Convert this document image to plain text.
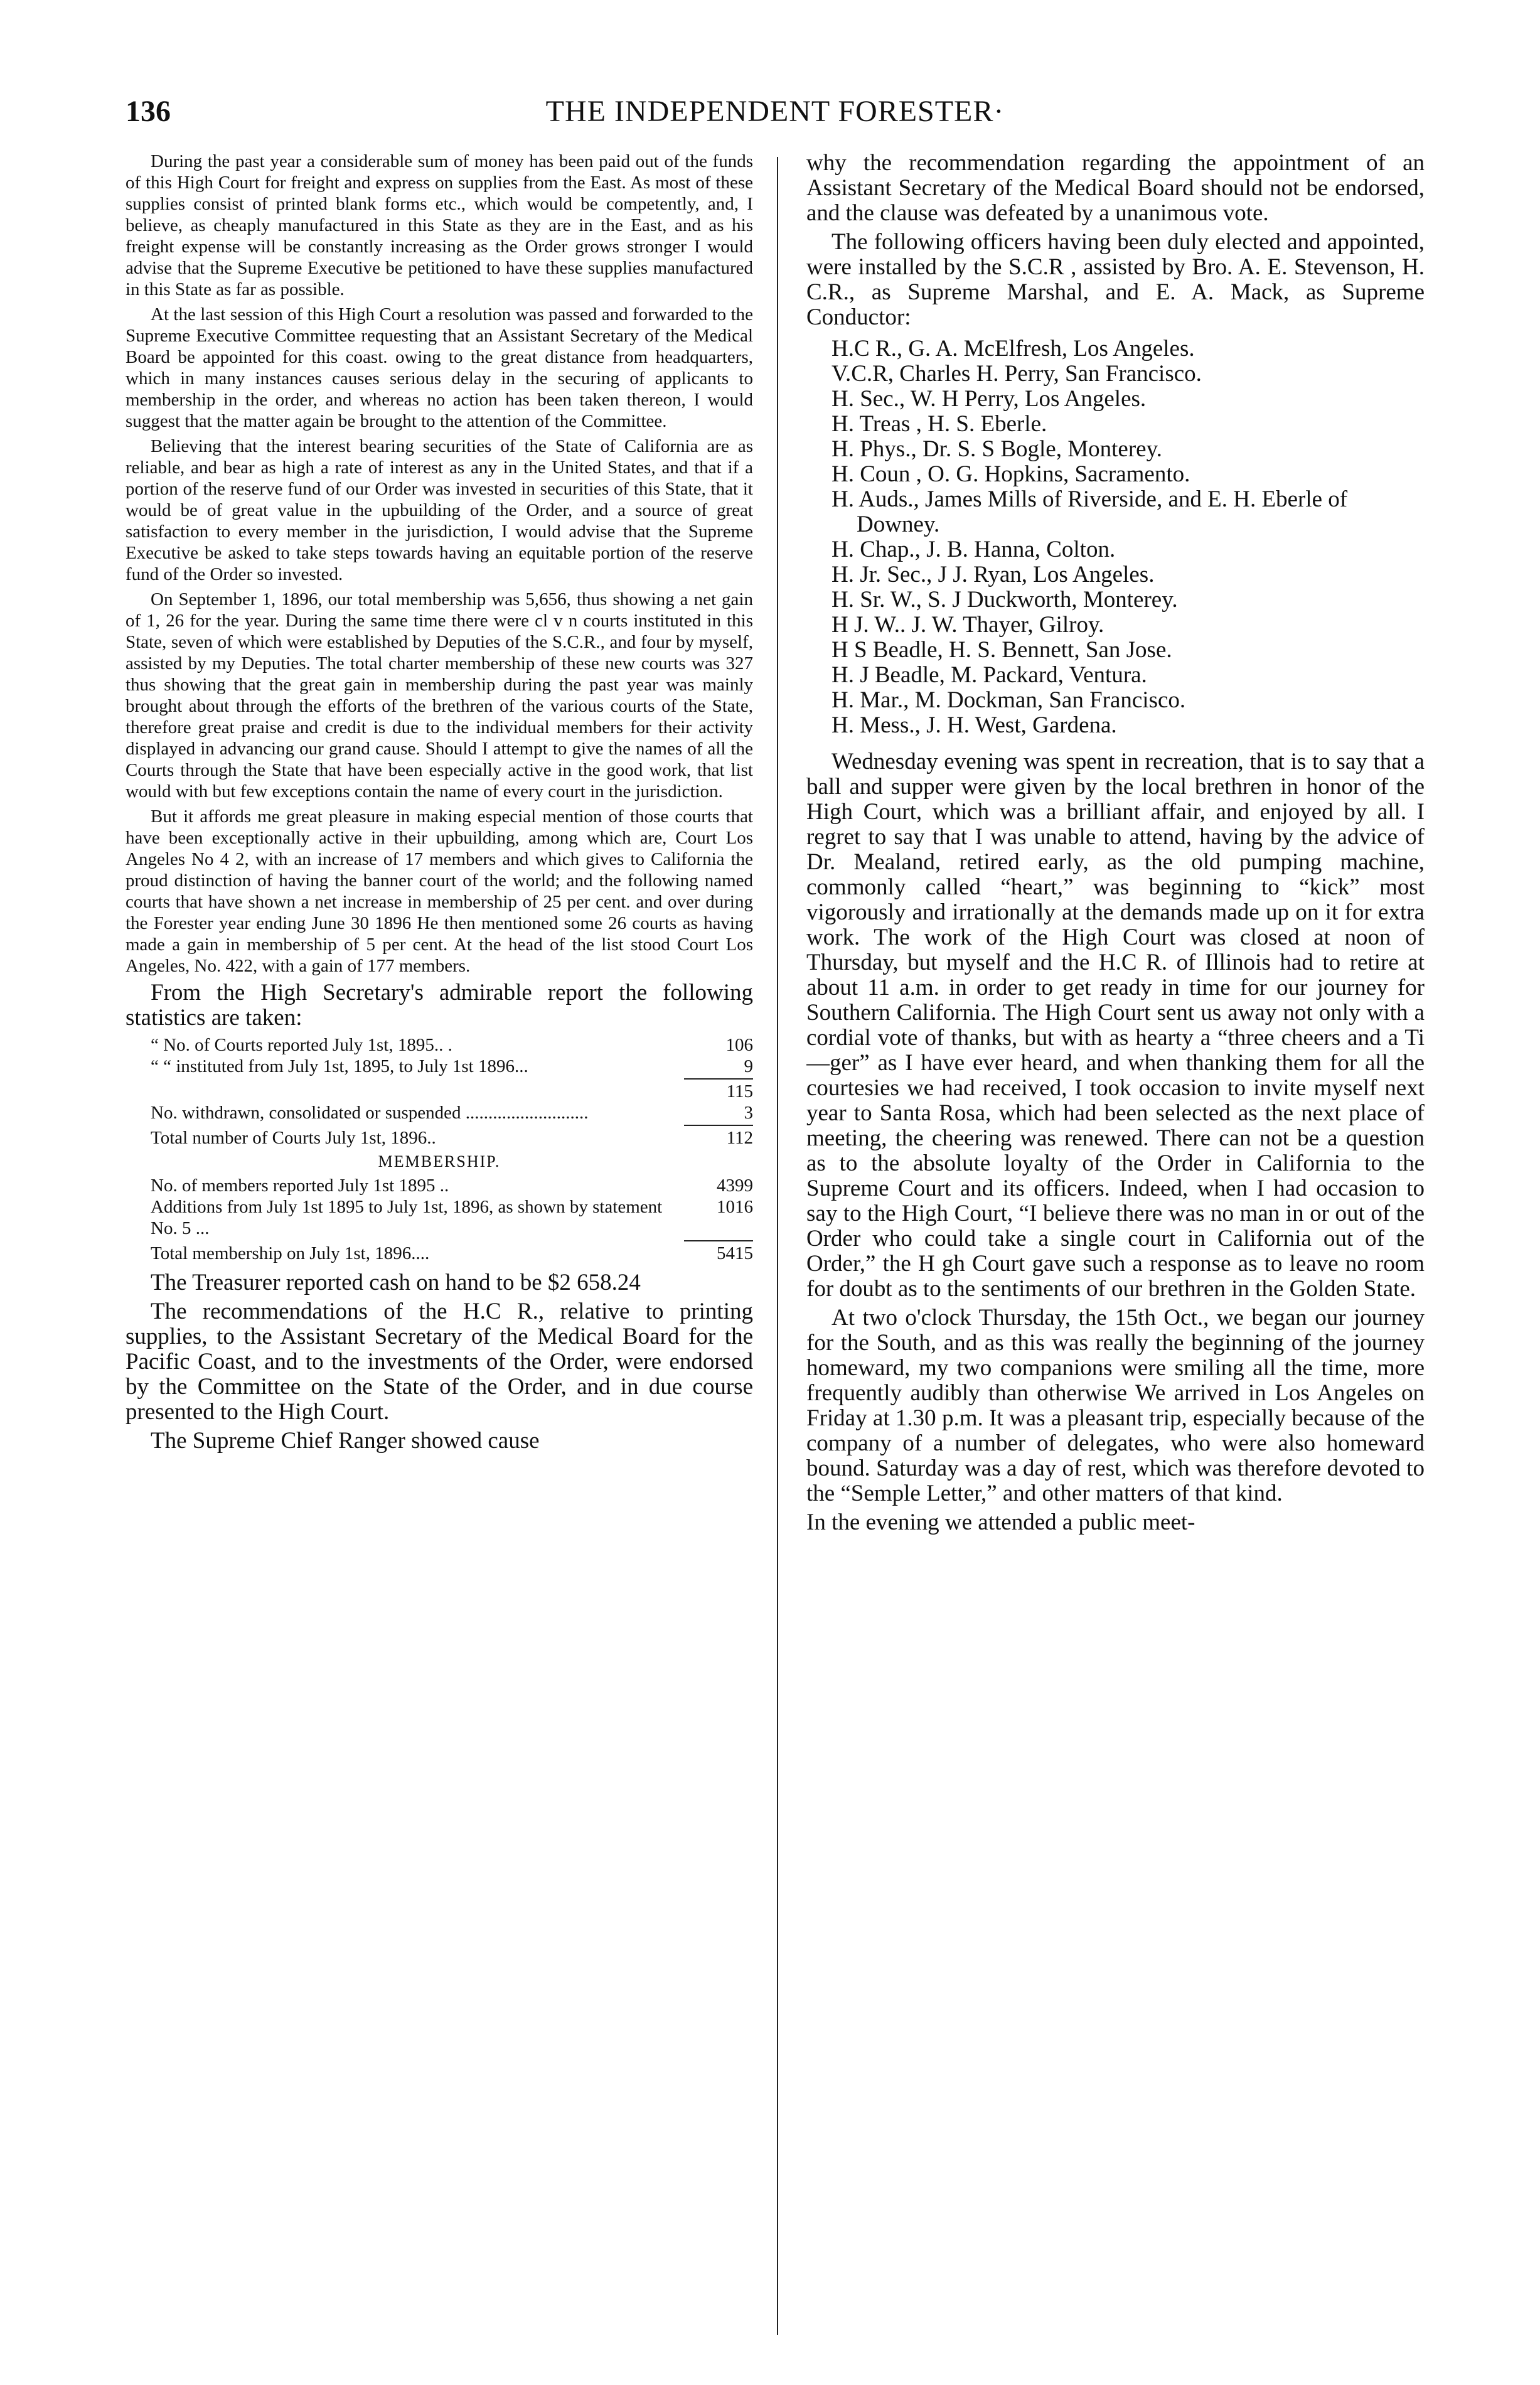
136	THE INDEPENDENT FORESTER·

During the past year a considerable sum of money has been paid out of the funds of this High Court for freight and express on supplies from the East. As most of these supplies consist of printed blank forms etc., which would be competently, and, I believe, as cheaply manufactured in this State as they are in the East, and as his freight expense will be constantly increasing as the Order grows stronger I would advise that the Supreme Executive be petitioned to have these supplies manufactured in this State as far as possible.

At the last session of this High Court a resolution was passed and forwarded to the Supreme Executive Committee requesting that an Assistant Secretary of the Medical Board be appointed for this coast. owing to the great distance from headquarters, which in many instances causes serious delay in the securing of applicants to membership in the order, and whereas no action has been taken thereon, I would suggest that the matter again be brought to the attention of the Committee.

Believing that the interest bearing securities of the State of California are as reliable, and bear as high a rate of interest as any in the United States, and that if a portion of the reserve fund of our Order was invested in securities of this State, that it would be of great value in the upbuilding of the Order, and a source of great satisfaction to every member in the jurisdiction, I would advise that the Supreme Executive be asked to take steps towards having an equitable portion of the reserve fund of the Order so invested.

On September 1, 1896, our total membership was 5,656, thus showing a net gain of 1, 26 for the year. During the same time there were cl v n courts instituted in this State, seven of which were established by Deputies of the S.C.R., and four by myself, assisted by my Deputies. The total charter membership of these new courts was 327 thus showing that the great gain in membership during the past year was mainly brought about through the efforts of the brethren of the various courts of the State, therefore great praise and credit is due to the individual members for their activity displayed in advancing our grand cause. Should I attempt to give the names of all the Courts through the State that have been especially active in the good work, that list would with but few exceptions contain the name of every court in the jurisdiction.

But it affords me great pleasure in making especial mention of those courts that have been exceptionally active in their upbuilding, among which are, Court Los Angeles No 4 2, with an increase of 17 members and which gives to California the proud distinction of having the banner court of the world; and the following named courts that have shown a net increase in membership of 25 per cent. and over during the Forester year ending June 30 1896 He then mentioned some 26 courts as having made a gain in membership of 5 per cent. At the head of the list stood Court Los Angeles, No. 422, with a gain of 177 members.

From the High Secretary's admirable report the following statistics are taken:

“ No. of Courts reported July 1st, 1895.. .	106
“ “ instituted from July 1st, 1895, to July 1st 1896...	9
115
No. withdrawn, consolidated or suspended ...........................	3
Total number of Courts July 1st, 1896..	112
MEMBERSHIP.
No. of members reported July 1st 1895 ..	4399
Additions from July 1st 1895 to July 1st, 1896, as shown by statement No. 5 ...
1016
Total membership on July 1st, 1896....	5415

The Treasurer reported cash on hand to be $2 658.24

The recommendations of the H.C R., relative to printing supplies, to the Assistant Secretary of the Medical Board for the Pacific Coast, and to the investments of the Order, were endorsed by the Committee on the State of the Order, and in due course presented to the High Court.

The Supreme Chief Ranger showed cause

why the recommendation regarding the appointment of an Assistant Secretary of the Medical Board should not be endorsed, and the clause was defeated by a unanimous vote.

The following officers having been duly elected and appointed, were installed by the S.C.R , assisted by Bro. A. E. Stevenson, H. C.R., as Supreme Marshal, and E. A. Mack, as Supreme Conductor:

H.C R., G. A. McElfresh, Los Angeles.
V.C.R, Charles H. Perry, San Francisco.
H. Sec., W. H Perry, Los Angeles.
H. Treas , H. S. Eberle.
H. Phys., Dr. S. S Bogle, Monterey.
H. Coun , O. G. Hopkins, Sacramento.
H. Auds., James Mills of Riverside, and E. H. Eberle of Downey.
H. Chap., J. B. Hanna, Colton.
H. Jr. Sec., J J. Ryan, Los Angeles.
H. Sr. W., S. J Duckworth, Monterey.
H J. W.. J. W. Thayer, Gilroy.
H S Beadle, H. S. Bennett, San Jose.
H. J Beadle, M. Packard, Ventura.
H. Mar., M. Dockman, San Francisco.
H. Mess., J. H. West, Gardena.

Wednesday evening was spent in recreation, that is to say that a ball and supper were given by the local brethren in honor of the High Court, which was a brilliant affair, and enjoyed by all. I regret to say that I was unable to attend, having by the advice of Dr. Mealand, retired early, as the old pumping machine, commonly called “heart,” was beginning to “kick” most vigorously and irrationally at the demands made up on it for extra work. The work of the High Court was closed at noon of Thursday, but myself and the H.C R. of Illinois had to retire at about 11 a.m. in order to get ready in time for our journey for Southern California. The High Court sent us away not only with a cordial vote of thanks, but with as hearty a “three cheers and a Ti—ger” as I have ever heard, and when thanking them for all the courtesies we had received, I took occasion to invite myself next year to Santa Rosa, which had been selected as the next place of meeting, the cheering was renewed. There can not be a question as to the absolute loyalty of the Order in California to the Supreme Court and its officers. Indeed, when I had occasion to say to the High Court, “I believe there was no man in or out of the Order who could take a single court in California out of the Order,” the H gh Court gave such a response as to leave no room for doubt as to the sentiments of our brethren in the Golden State.

At two o'clock Thursday, the 15th Oct., we began our journey for the South, and as this was really the beginning of the journey homeward, my two companions were smiling all the time, more frequently audibly than otherwise We arrived in Los Angeles on Friday at 1.30 p.m. It was a pleasant trip, especially because of the company of a number of delegates, who were also homeward bound. Saturday was a day of rest, which was therefore devoted to the “Semple Letter,” and other matters of that kind.

In the evening we attended a public meet-
